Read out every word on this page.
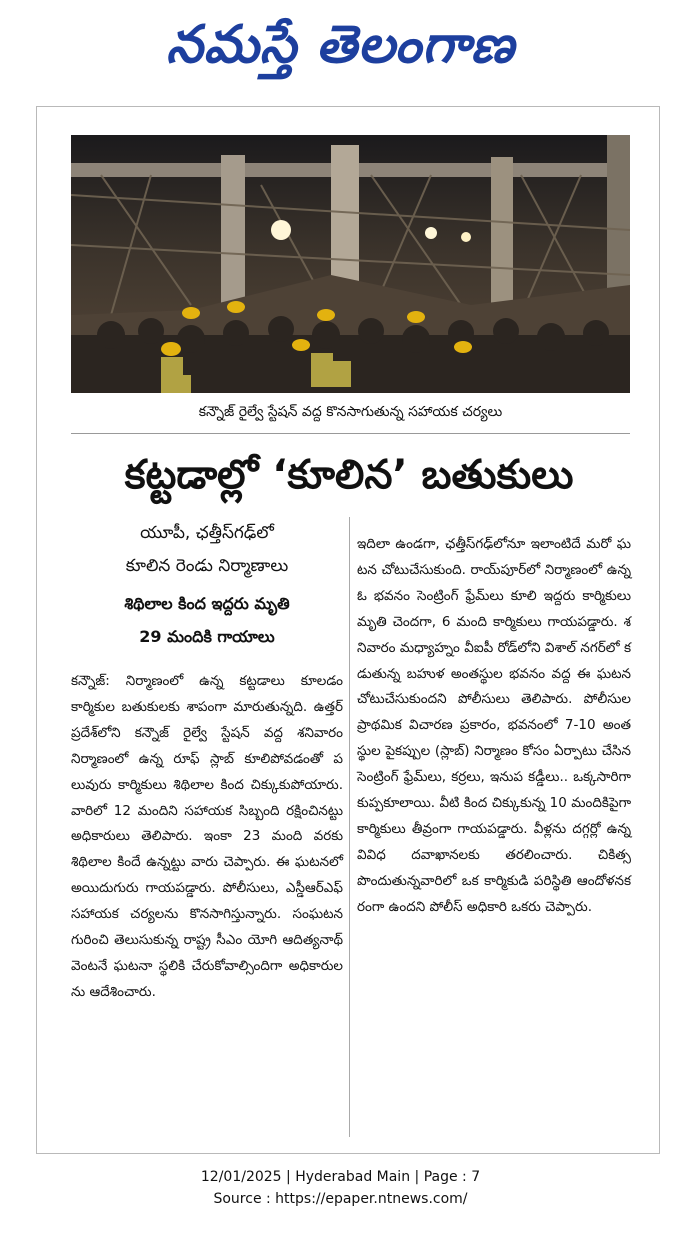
నమస్తే తెలంగాణ
కన్నౌజ్ రైల్వే స్టేషన్ వద్ద కొనసాగుతున్న సహాయక చర్యలు
కట్టడాల్లో ‘కూలిన’ బతుకులు
యూపీ, ఛత్తీస్‌గఢ్‌లో
కూలిన రెండు నిర్మాణాలు
శిథిలాల కింద ఇద్దరు మృతి
29 మందికి గాయాలు
కన్నౌజ్: నిర్మాణంలో ఉన్న కట్టడాలు కూలడం కార్మికుల బతుకులకు శాపంగా మారుతున్నది. ఉత్తర్ ప్రదేశ్‌లోని కన్నౌజ్ రైల్వే స్టేషన్ వద్ద శనివారం నిర్మాణంలో ఉన్న రూఫ్ స్లాబ్ కూలిపోవడంతో పలువురు కార్మికులు శిథిలాల కింద చిక్కుకుపోయారు. వారిలో 12 మందిని సహాయక సిబ్బంది రక్షించినట్టు అధికారులు తెలిపారు. ఇంకా 23 మంది వరకు శిథిలాల కిందే ఉన్నట్టు వారు చెప్పారు. ఈ ఘటనలో అయిదుగురు గాయపడ్డారు. పోలీసులు, ఎస్డీఆర్ఎఫ్ సహాయక చర్యలను కొనసాగిస్తున్నారు. సంఘటన గురించి తెలుసుకున్న రాష్ట్ర సీఎం యోగి ఆదిత్యనాథ్ వెంటనే ఘటనా స్థలికి చేరుకోవాల్సిందిగా అధికారులను ఆదేశించారు.
ఇదిలా ఉండగా, ఛత్తీస్‌గఢ్‌లోనూ ఇలాంటిదే మరో ఘటన చోటుచేసుకుంది. రాయ్‌పూర్‌లో నిర్మాణంలో ఉన్న ఓ భవనం సెంట్రింగ్ ఫ్రేమ్‌లు కూలి ఇద్దరు కార్మికులు మృతి చెందగా, 6 మంది కార్మికులు గాయపడ్డారు. శనివారం మధ్యాహ్నం వీఐపీ రోడ్‌లోని విశాల్ నగర్‌లో కడుతున్న బహుళ అంతస్థుల భవనం వద్ద ఈ ఘటన చోటుచేసుకుందని పోలీసులు తెలిపారు. పోలీసుల ప్రాథమిక విచారణ ప్రకారం, భవనంలో 7-10 అంతస్థుల పైకప్పుల (స్లాబ్) నిర్మాణం కోసం ఏర్పాటు చేసిన సెంట్రింగ్ ఫ్రేమ్‌లు, కర్రలు, ఇనుప కడ్డీలు.. ఒక్కసారిగా కుప్పకూలాయి. వీటి కింద చిక్కుకున్న 10 మందికిపైగా కార్మికులు తీవ్రంగా గాయపడ్డారు. వీళ్లను దగ్గర్లో ఉన్న వివిధ దవాఖానలకు తరలించారు. చికిత్స పొందుతున్నవారిలో ఒక కార్మికుడి పరిస్థితి ఆందోళనకరంగా ఉందని పోలీస్ అధికారి ఒకరు చెప్పారు.
12/01/2025 | Hyderabad Main | Page : 7
Source : https://epaper.ntnews.com/
